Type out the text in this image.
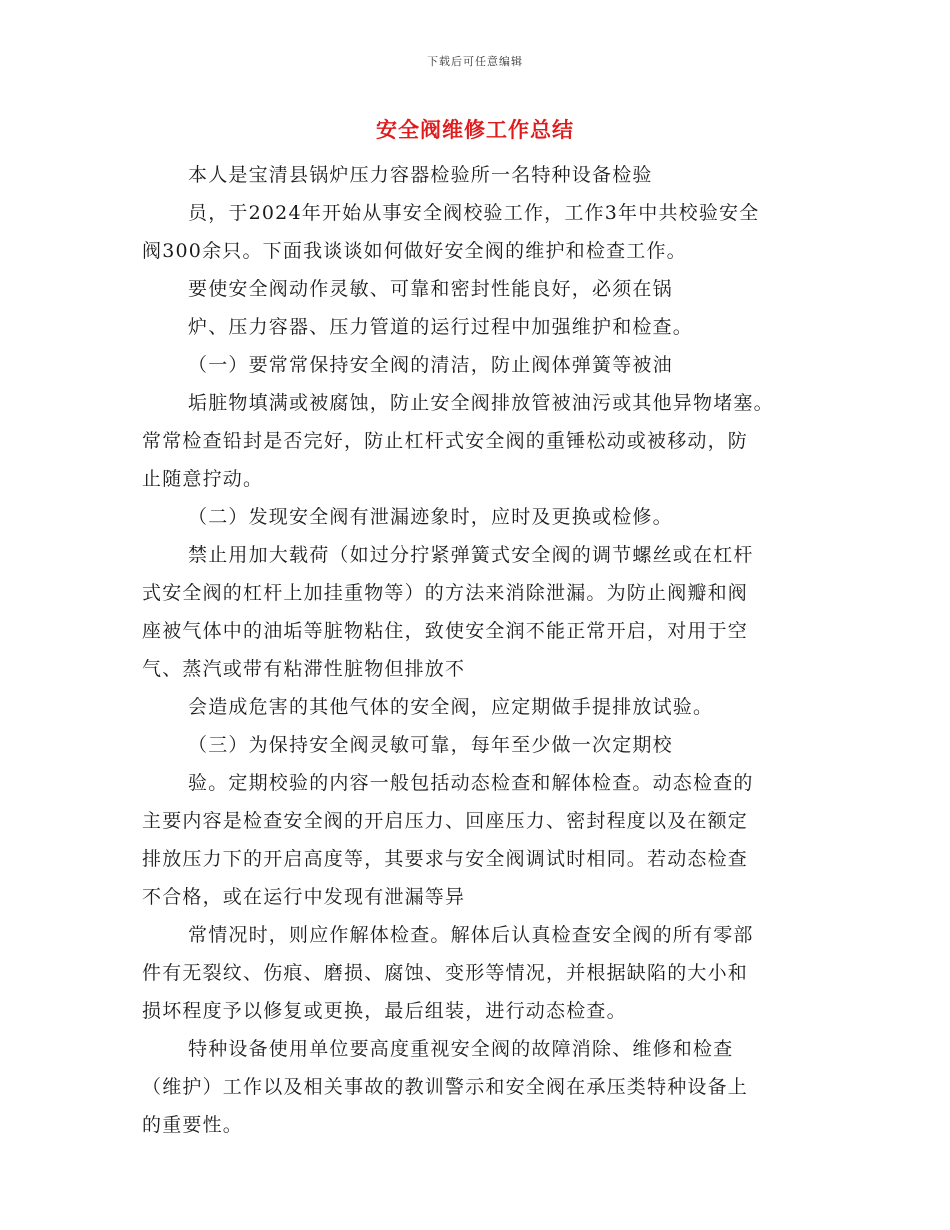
下载后可任意编辑
安全阀维修工作总结
本人是宝清县锅炉压力容器检验所一名特种设备检验
员，于2024年开始从事安全阀校验工作，工作3年中共校验安全
阀300余只。下面我谈谈如何做好安全阀的维护和检查工作。
要使安全阀动作灵敏、可靠和密封性能良好，必须在锅
炉、压力容器、压力管道的运行过程中加强维护和检查。
（一）要常常保持安全阀的清洁，防止阀体弹簧等被油
垢脏物填满或被腐蚀，防止安全阀排放管被油污或其他异物堵塞。
常常检查铅封是否完好，防止杠杆式安全阀的重锤松动或被移动，防
止随意拧动。
（二）发现安全阀有泄漏迹象时，应时及更换或检修。
禁止用加大载荷（如过分拧紧弹簧式安全阀的调节螺丝或在杠杆
式安全阀的杠杆上加挂重物等）的方法来消除泄漏。为防止阀瓣和阀
座被气体中的油垢等脏物粘住，致使安全润不能正常开启，对用于空
气、蒸汽或带有粘滞性脏物但排放不
会造成危害的其他气体的安全阀，应定期做手提排放试验。
（三）为保持安全阀灵敏可靠，每年至少做一次定期校
验。定期校验的内容一般包括动态检查和解体检查。动态检查的
主要内容是检查安全阀的开启压力、回座压力、密封程度以及在额定
排放压力下的开启高度等，其要求与安全阀调试时相同。若动态检查
不合格，或在运行中发现有泄漏等异
常情况时，则应作解体检查。解体后认真检查安全阀的所有零部
件有无裂纹、伤痕、磨损、腐蚀、变形等情况，并根据缺陷的大小和
损坏程度予以修复或更换，最后组装，进行动态检查。
特种设备使用单位要高度重视安全阀的故障消除、维修和检查
（维护）工作以及相关事故的教训警示和安全阀在承压类特种设备上
的重要性。
